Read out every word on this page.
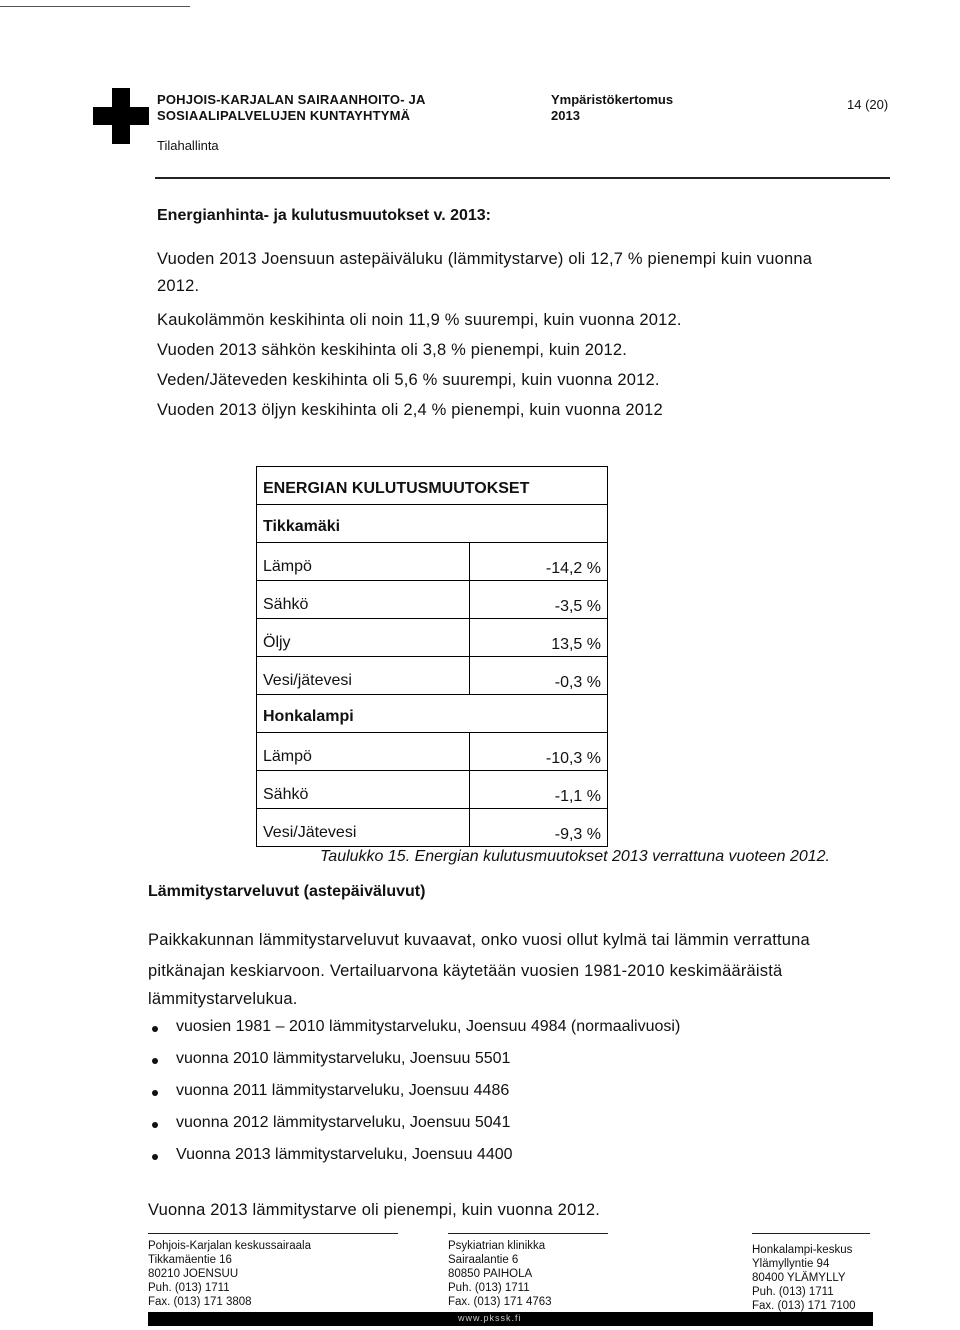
POHJOIS-KARJALAN SAIRAANHOITO- JA
SOSIAALIPALVELUJEN KUNTAYHTYMÄ
Tilahallinta
Ympäristökertomus
2013
14 (20)
Energianhinta- ja kulutusmuutokset v. 2013:
Vuoden 2013 Joensuun astepäiväluku (lämmitystarve) oli 12,7 % pienempi kuin vuonna
2012.
Kaukolämmön keskihinta oli noin 11,9 % suurempi, kuin vuonna 2012.
Vuoden 2013 sähkön keskihinta oli 3,8 % pienempi, kuin 2012.
Veden/Jäteveden keskihinta oli 5,6 % suurempi, kuin vuonna 2012.
Vuoden 2013 öljyn keskihinta oli 2,4 % pienempi, kuin vuonna 2012
ENERGIAN KULUTUSMUUTOKSET
Tikkamäki
Lämpö	-14,2 %
Sähkö	-3,5 %
Öljy	13,5 %
Vesi/jätevesi	-0,3 %
Honkalampi
Lämpö	-10,3 %
Sähkö	-1,1 %
Vesi/Jätevesi	-9,3 %
Taulukko 15. Energian kulutusmuutokset 2013 verrattuna vuoteen 2012.
Lämmitystarveluvut (astepäiväluvut)
Paikkakunnan lämmitystarveluvut kuvaavat, onko vuosi ollut kylmä tai lämmin verrattuna
pitkänajan keskiarvoon. Vertailuarvona käytetään vuosien 1981-2010 keskimääräistä
lämmitystarvelukua.
vuosien 1981 – 2010 lämmitystarveluku, Joensuu 4984 (normaalivuosi)
vuonna 2010 lämmitystarveluku, Joensuu 5501
vuonna 2011 lämmitystarveluku, Joensuu 4486
vuonna 2012 lämmitystarveluku, Joensuu 5041
Vuonna 2013 lämmitystarveluku, Joensuu 4400
Vuonna 2013 lämmitystarve oli pienempi, kuin vuonna 2012.
Pohjois-Karjalan keskussairaala
Tikkamäentie 16
80210 JOENSUU
Puh. (013) 1711
Fax. (013) 171 3808
Psykiatrian klinikka
Sairaalantie 6
80850 PAIHOLA
Puh. (013) 1711
Fax. (013) 171 4763
Honkalampi-keskus
Ylämyllyntie 94
80400 YLÄMYLLY
Puh. (013) 1711
Fax. (013) 171 7100
www.pkssk.fi
